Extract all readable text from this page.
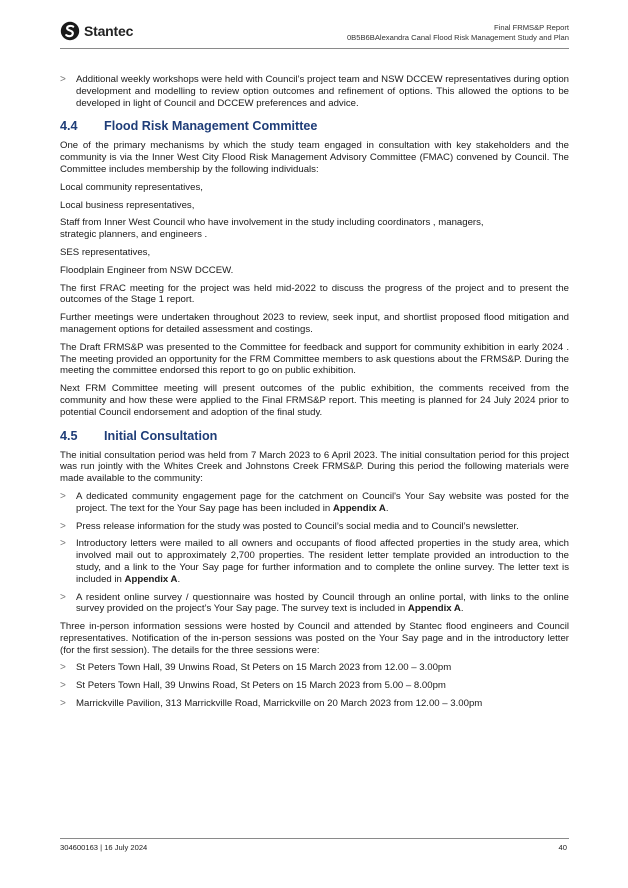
Stantec	Final FRMS&P Report
0B5B6BAlexandra Canal Flood Risk Management Study and Plan
>	Additional weekly workshops were held with Council’s project team and NSW DCCEW representatives during option development and modelling to review option outcomes and refinement of options. This allowed the options to be developed in light of Council and DCCEW preferences and advice.
4.4	Flood Risk Management Committee
One of the primary mechanisms by which the study team engaged in consultation with key stakeholders and the community is via the Inner West City Flood Risk Management Advisory Committee (FMAC) convened by Council. The Committee includes membership by the following individuals:
Local community representatives,
Local business representatives,
Staff from Inner West Council who have involvement in the study including coordinators , managers, strategic planners, and engineers .
SES representatives,
Floodplain Engineer from NSW DCCEW.
The first FRAC meeting for the project was held mid-2022 to discuss the progress of the project and to present the outcomes of the Stage 1 report.
Further meetings were undertaken throughout 2023 to review, seek input, and shortlist proposed flood mitigation and management options for detailed assessment and costings.
The Draft FRMS&P was presented to the Committee for feedback and support for community exhibition in early 2024 . The meeting provided an opportunity for the FRM Committee members to ask questions about the FRMS&P. During the meeting the committee endorsed this report to go on public exhibition.
Next FRM Committee meeting will present outcomes of the public exhibition, the comments received from the community and how these were applied to the Final FRMS&P report. This meeting is planned for 24 July 2024 prior to potential Council endorsement and adoption of the final study.
4.5	Initial Consultation
The initial consultation period was held from 7 March 2023 to 6 April 2023. The initial consultation period for this project was run jointly with the Whites Creek and Johnstons Creek FRMS&P. During this period the following materials were made available to the community:
>	A dedicated community engagement page for the catchment on Council's Your Say website was posted for the project. The text for the Your Say page has been included in Appendix A.
>	Press release information for the study was posted to Council’s social media and to Council’s newsletter.
>	Introductory letters were mailed to all owners and occupants of flood affected properties in the study area, which involved mail out to approximately 2,700 properties. The resident letter template provided an introduction to the study, and a link to the Your Say page for further information and to complete the online survey. The letter text is included in Appendix A.
>	A resident online survey / questionnaire was hosted by Council through an online portal, with links to the online survey provided on the project’s Your Say page. The survey text is included in Appendix A.
Three in-person information sessions were hosted by Council and attended by Stantec flood engineers and Council representatives. Notification of the in-person sessions was posted on the Your Say page and in the introductory letter (for the first session). The details for the three sessions were:
>	St Peters Town Hall, 39 Unwins Road, St Peters on 15 March 2023 from 12.00 – 3.00pm
>	St Peters Town Hall, 39 Unwins Road, St Peters on 15 March 2023 from 5.00 – 8.00pm
>	Marrickville Pavilion, 313 Marrickville Road, Marrickville on 20 March 2023 from 12.00 – 3.00pm
304600163 | 16 July 2024	40
